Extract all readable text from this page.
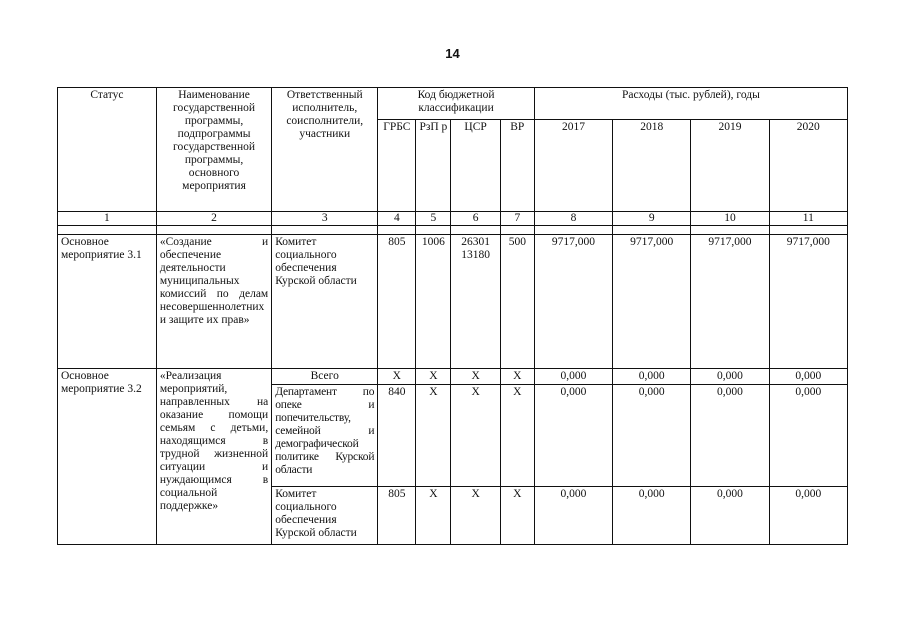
14
Статус	Наименование государственной программы, подпрограммы государственной программы, основного мероприятия	Ответственный исполнитель, соисполнители, участники	Код бюджетной классификации				Расходы (тыс. рублей), годы			
			ГРБС	РзП р	ЦСР	ВР	2017	2018	2019	2020
1	2	3	4	5	6	7	8	9	10	11

Основное мероприятие 3.1	«Создание и обеспечение деятельности муниципальных комиссий по делам несовершеннолетних и защите их прав»	Комитет социального обеспечения Курской области	805	1006	26301 13180	500	9717,000	9717,000	9717,000	9717,000
Основное мероприятие 3.2	«Реализация мероприятий, направленных на оказание помощи семьям с детьми, находящимся в трудной жизненной ситуации и нуждающимся в социальной поддержке»	Всего	X	X	X	X	0,000	0,000	0,000	0,000
		Департамент по опеке и попечительству, семейной и демографической политике Курской области	840	X	X	X	0,000	0,000	0,000	0,000
		Комитет социального обеспечения Курской области	805	X	X	X	0,000	0,000	0,000	0,000
